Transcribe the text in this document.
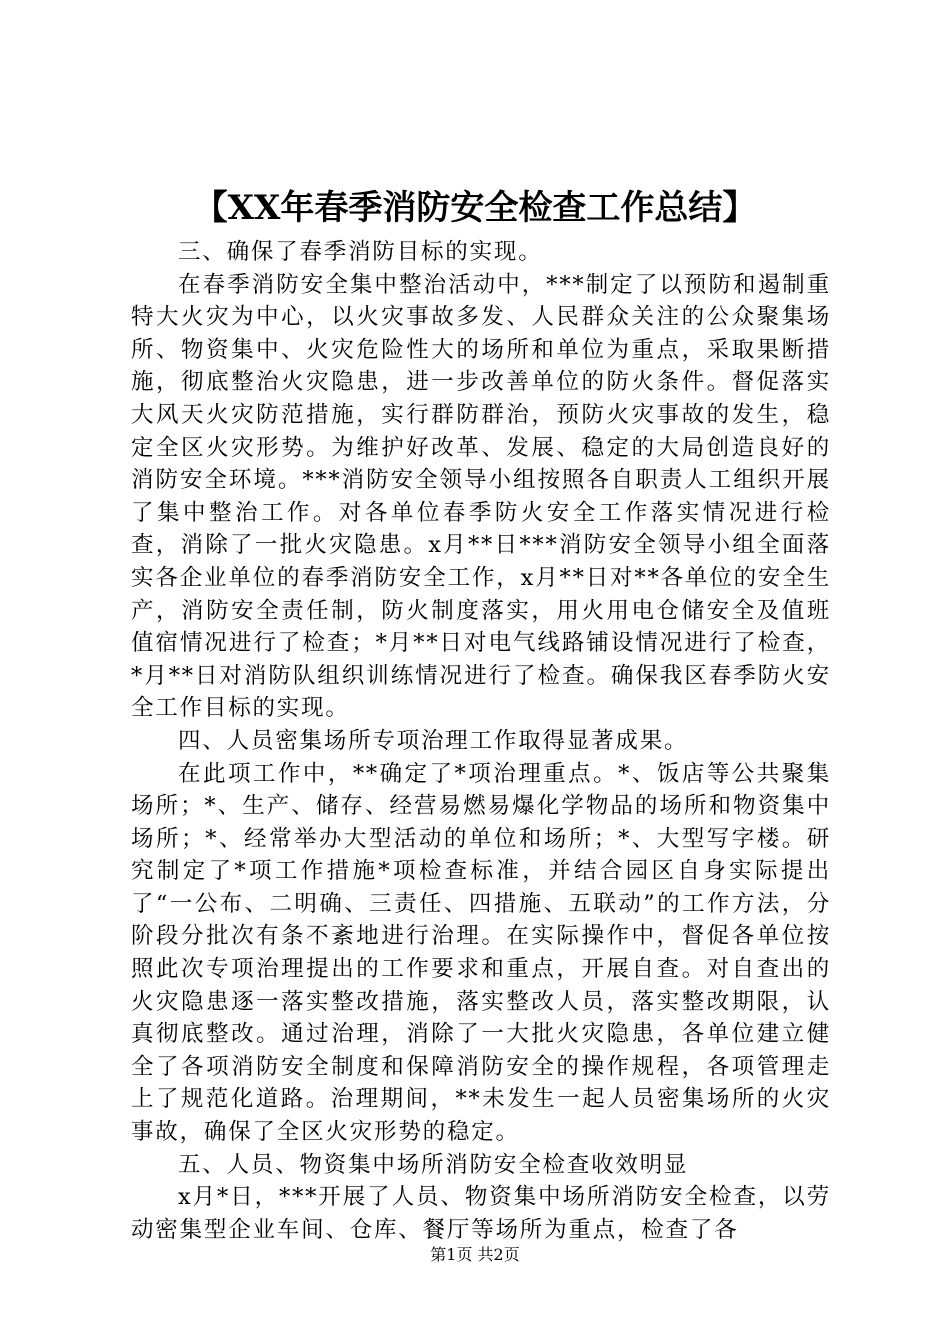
【XX年春季消防安全检查工作总结】

三、确保了春季消防目标的实现。

在春季消防安全集中整治活动中，***制定了以预防和遏制重特大火灾为中心，以火灾事故多发、人民群众关注的公众聚集场所、物资集中、火灾危险性大的场所和单位为重点，采取果断措施，彻底整治火灾隐患，进一步改善单位的防火条件。督促落实大风天火灾防范措施，实行群防群治，预防火灾事故的发生，稳定全区火灾形势。为维护好改革、发展、稳定的大局创造良好的消防安全环境。***消防安全领导小组按照各自职责人工组织开展了集中整治工作。对各单位春季防火安全工作落实情况进行检查，消除了一批火灾隐患。x月**日***消防安全领导小组全面落实各企业单位的春季消防安全工作，x月**日对**各单位的安全生产，消防安全责任制，防火制度落实，用火用电仓储安全及值班值宿情况进行了检查；*月**日对电气线路铺设情况进行了检查，*月**日对消防队组织训练情况进行了检查。确保我区春季防火安全工作目标的实现。

四、人员密集场所专项治理工作取得显著成果。

在此项工作中，**确定了*项治理重点。*、饭店等公共聚集场所；*、生产、储存、经营易燃易爆化学物品的场所和物资集中场所；*、经常举办大型活动的单位和场所；*、大型写字楼。研究制定了*项工作措施*项检查标准，并结合园区自身实际提出了“一公布、二明确、三责任、四措施、五联动”的工作方法，分阶段分批次有条不紊地进行治理。在实际操作中，督促各单位按照此次专项治理提出的工作要求和重点，开展自查。对自查出的火灾隐患逐一落实整改措施，落实整改人员，落实整改期限，认真彻底整改。通过治理，消除了一大批火灾隐患，各单位建立健全了各项消防安全制度和保障消防安全的操作规程，各项管理走上了规范化道路。治理期间，**未发生一起人员密集场所的火灾事故，确保了全区火灾形势的稳定。

五、人员、物资集中场所消防安全检查收效明显

x月*日，***开展了人员、物资集中场所消防安全检查，以劳动密集型企业车间、仓库、餐厅等场所为重点，检查了各

第1页 共2页
